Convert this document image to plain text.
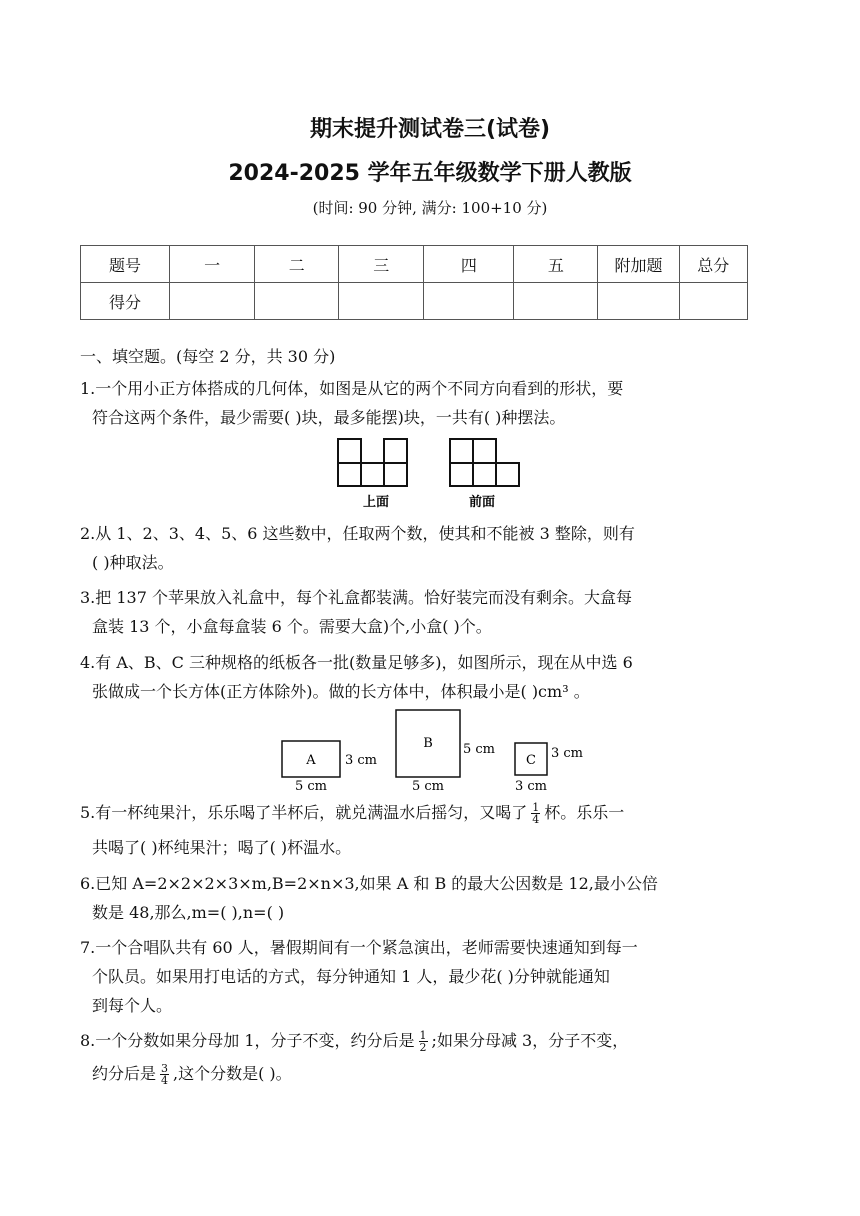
期末提升测试卷三(试卷)
2024-2025 学年五年级数学下册人教版
(时间: 90 分钟, 满分: 100+10 分)
题号	一	二	三	四	五	附加题	总分
得分							
一、填空题。(每空 2 分，共 30 分)
1.一个用小正方体搭成的几何体，如图是从它的两个不同方向看到的形状，要
符合这两个条件，最少需要( )块，最多能摆)块，一共有( )种摆法。
上面	前面
2.从 1、2、3、4、5、6 这些数中，任取两个数，使其和不能被 3 整除，则有
( )种取法。
3.把 137 个苹果放入礼盒中，每个礼盒都装满。恰好装完而没有剩余。大盒每
盒装 13 个，小盒每盒装 6 个。需要大盒)个,小盒( )个。
4.有 A、B、C 三种规格的纸板各一批(数量足够多)，如图所示，现在从中选 6
张做成一个长方体(正方体除外)。做的长方体中，体积最小是( )cm³ 。
A 3 cm
5 cm
B 5 cm
5 cm
C 3 cm
3 cm
5.有一杯纯果汁，乐乐喝了半杯后，就兑满温水后摇匀，又喝了 $\frac{1}{4}$ 杯。乐乐一
共喝了( )杯纯果汁；喝了( )杯温水。
6.已知 A=2×2×2×3×m,B=2×n×3,如果 A 和 B 的最大公因数是 12,最小公倍
数是 48,那么,m=( ),n=( )
7.一个合唱队共有 60 人，暑假期间有一个紧急演出，老师需要快速通知到每一
个队员。如果用打电话的方式，每分钟通知 1 人，最少花( )分钟就能通知
到每个人。
8.一个分数如果分母加 1，分子不变，约分后是 $\frac{1}{2}$ ;如果分母减 3，分子不变，
约分后是 $\frac{3}{4}$ ,这个分数是( )。
